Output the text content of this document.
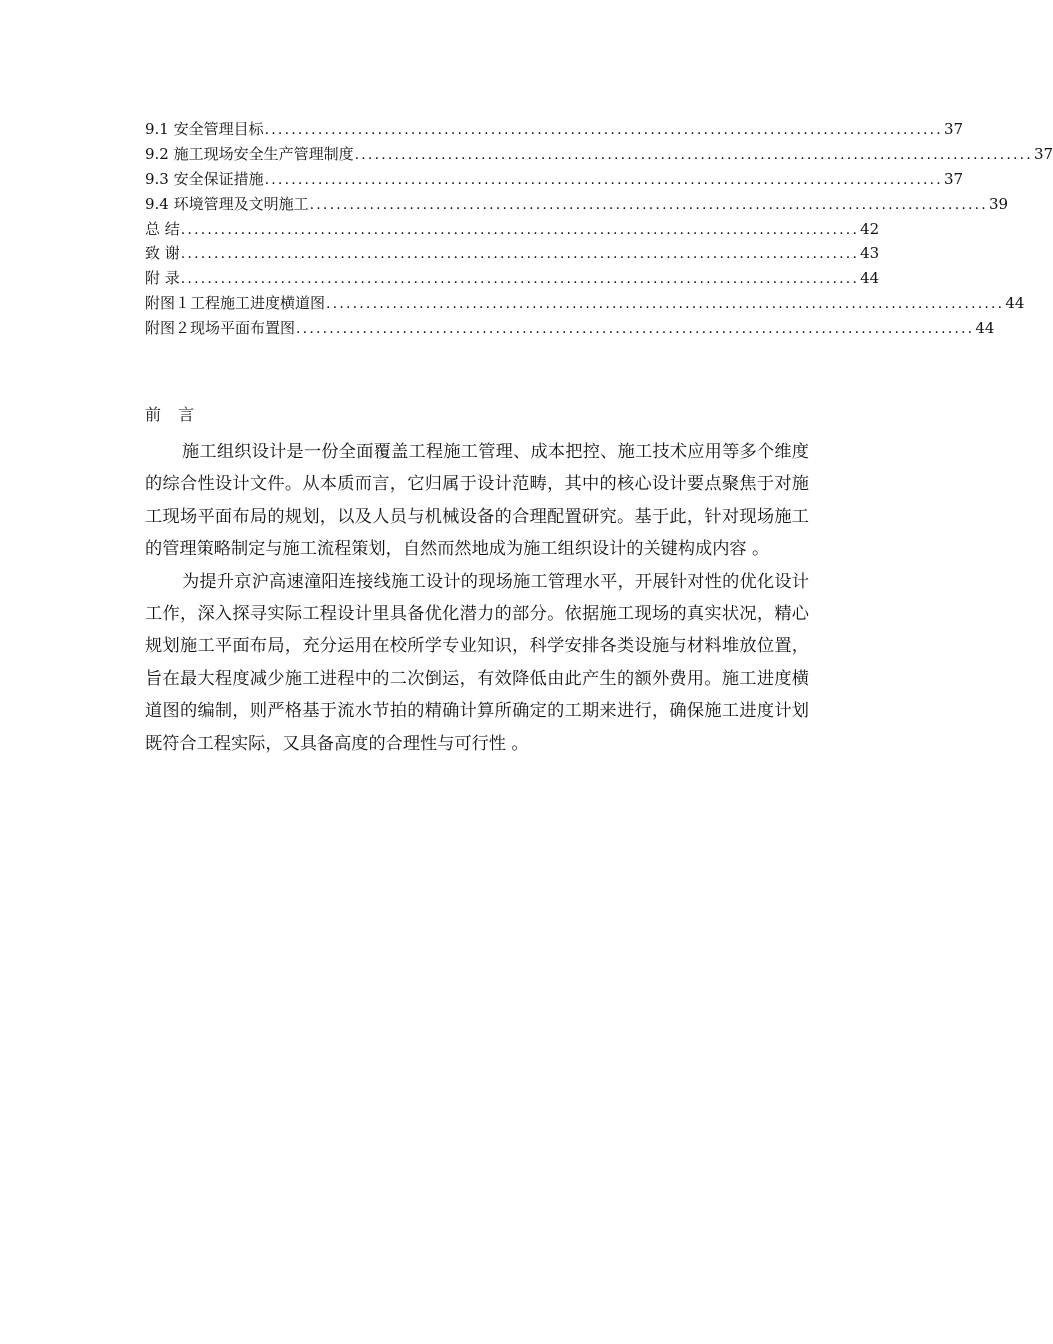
9.1 安全管理目标 ...................................................................................................... 37
9.2 施工现场安全生产管理制度 ...................................................................................................... 37
9.3 安全保证措施 ...................................................................................................... 37
9.4 环境管理及文明施工 ...................................................................................................... 39
总 结 ...................................................................................................... 42
致 谢 ...................................................................................................... 43
附 录 ...................................................................................................... 44
附图１工程施工进度横道图 ...................................................................................................... 44
附图２现场平面布置图 ...................................................................................................... 44
前 言

施工组织设计是一份全面覆盖工程施工管理、成本把控、施工技术应用等多个维度的综合性设计文件。从本质而言，它归属于设计范畴，其中的核心设计要点聚焦于对施工现场平面布局的规划，以及人员与机械设备的合理配置研究。基于此，针对现场施工的管理策略制定与施工流程策划，自然而然地成为施工组织设计的关键构成内容 。

为提升京沪高速潼阳连接线施工设计的现场施工管理水平，开展针对性的优化设计工作，深入探寻实际工程设计里具备优化潜力的部分。依据施工现场的真实状况，精心规划施工平面布局，充分运用在校所学专业知识，科学安排各类设施与材料堆放位置，旨在最大程度减少施工进程中的二次倒运，有效降低由此产生的额外费用。施工进度横道图的编制，则严格基于流水节拍的精确计算所确定的工期来进行，确保施工进度计划既符合工程实际，又具备高度的合理性与可行性 。
